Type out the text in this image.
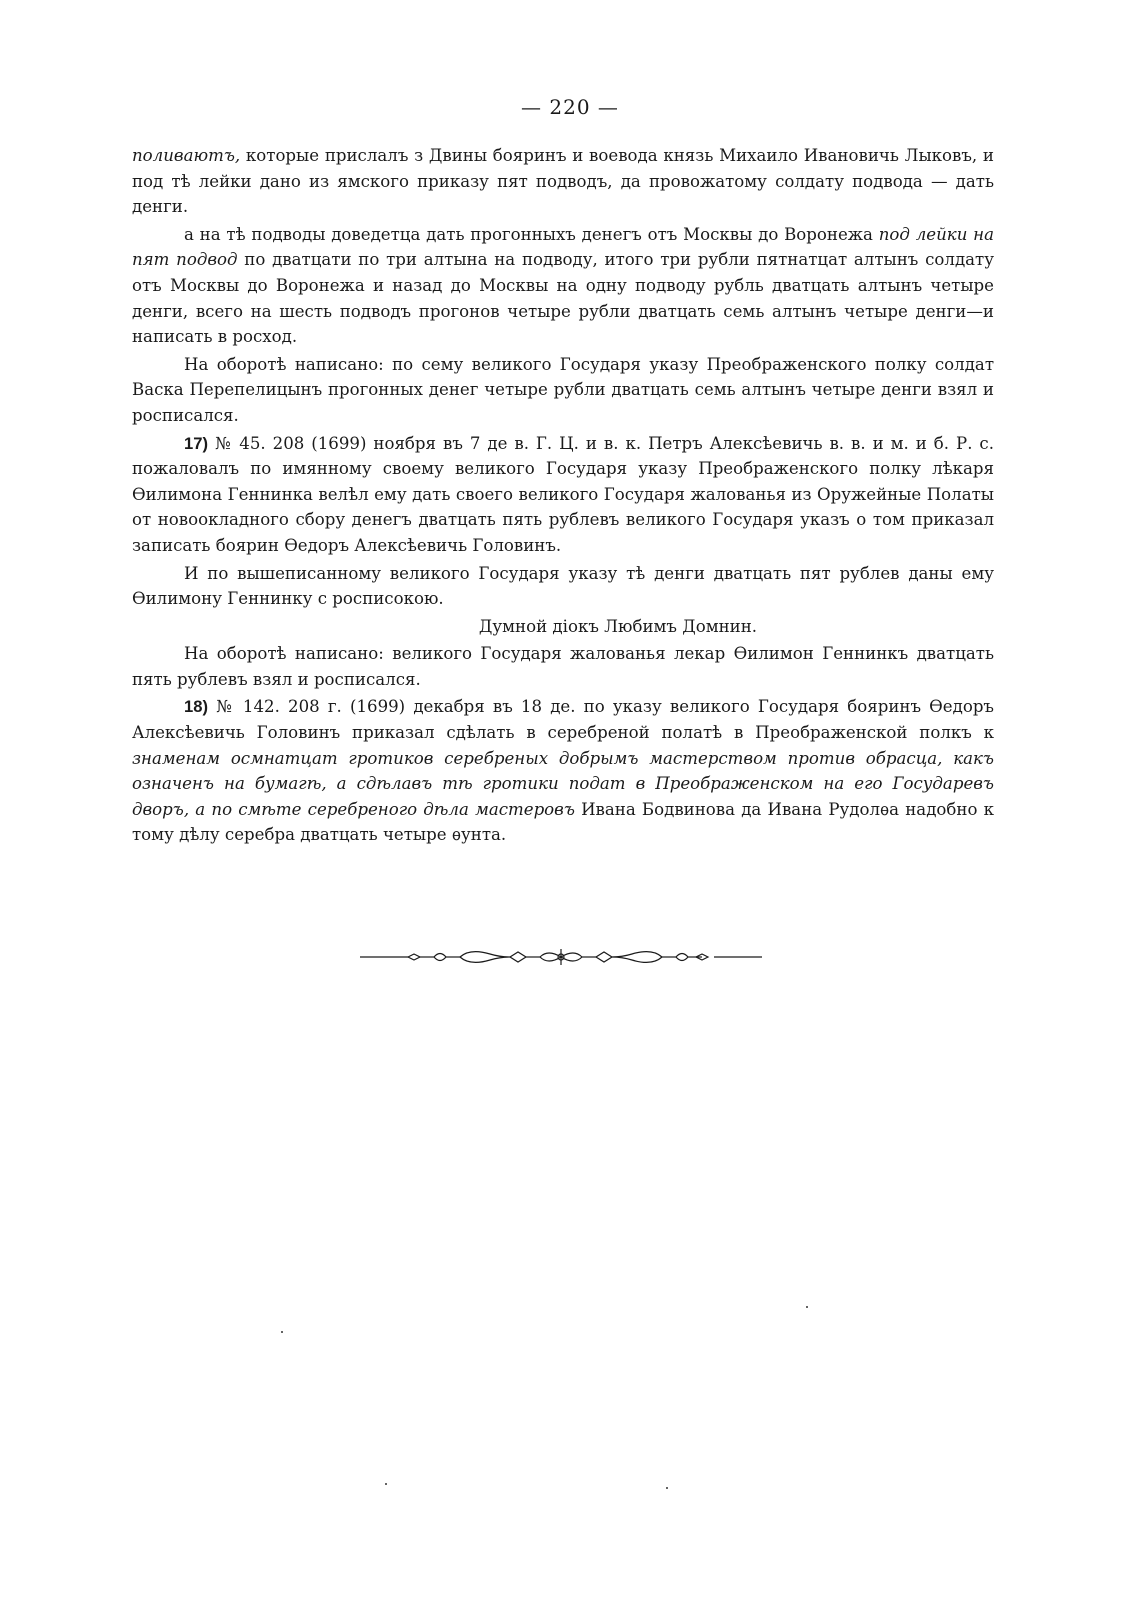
— 220 —

поливаютъ, которые прислалъ з Двины бояринъ и воевода князь Михаило Ивановичь Лыковъ, и под тѣ лейки дано из ямского приказу пят подводъ, да провожатому солдату подвода — дать денги.

а на тѣ подводы доведетца дать прогонныхъ денегъ отъ Москвы до Воронежа под лейки на пят подвод по дватцати по три алтына на подводу, итого три рубли пятнатцат алтынъ солдату отъ Москвы до Воронежа и назад до Москвы на одну подводу рубль дватцать алтынъ четыре денги, всего на шесть подводъ прогонов четыре рубли дватцать семь алтынъ четыре денги—и написать в росход.

На оборотѣ написано: по сему великого Государя указу Преображенского полку солдат Васка Перепелицынъ прогонных денег четыре рубли дватцать семь алтынъ четыре денги взял и росписался.

17) № 45. 208 (1699) ноября въ 7 де в. Г. Ц. и в. к. Петръ Алексѣевичь в. в. и м. и б. Р. с. пожаловалъ по имянному своему великого Государя указу Преображенского полку лѣкаря Ѳилимона Геннинка велѣл ему дать своего великого Государя жалованья из Оружейные Полаты от новоокладного сбору денегъ дватцать пять рублевъ великого Государя указъ о том приказал записать боярин Ѳедоръ Алексѣевичь Головинъ.

И по вышеписанному великого Государя указу тѣ денги дватцать пят рублев даны ему Ѳилимону Геннинку с росписокою.

Думной дiокъ Любимъ Домнин.

На оборотѣ написано: великого Государя жалованья лекар Ѳилимон Геннинкъ дватцать пять рублевъ взял и росписался.

18) № 142. 208 г. (1699) декабря въ 18 де. по указу великого Государя бояринъ Ѳедоръ Алексѣевичь Головинъ приказал сдѣлать в серебреной полатѣ в Преображенской полкъ к знаменам осмнатцат гротиков серебреных добрымъ мастерством против обрасца, какъ означенъ на бумагѣ, а сдѣлавъ тѣ гротики подат в Преображенском на его Государевъ дворъ, а по смѣте серебреного дѣла мастеровъ Ивана Бодвинова да Ивана Рудолѳа надобно к тому дѣлу серебра дватцать четыре ѳунта.
